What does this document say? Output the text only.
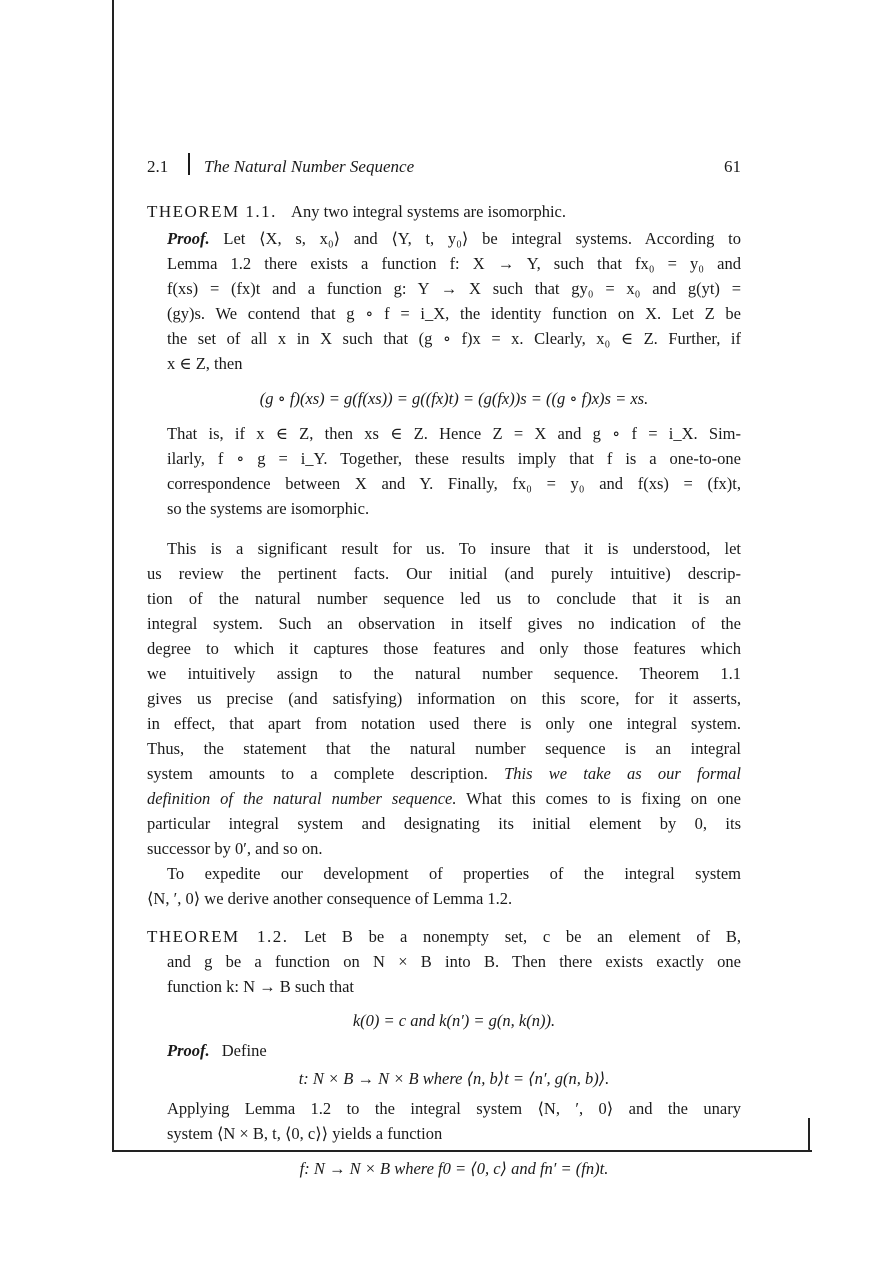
2.1 The Natural Number Sequence	61
THEOREM 1.1. Any two integral systems are isomorphic.
Proof. Let ⟨X, s, x₀⟩ and ⟨Y, t, y₀⟩ be integral systems. According to
Lemma 1.2 there exists a function f: X → Y, such that fx₀ = y₀ and
f(xs) = (fx)t and a function g: Y → X such that gy₀ = x₀ and g(yt) =
(gy)s. We contend that g ∘ f = i_X, the identity function on X. Let Z be
the set of all x in X such that (g ∘ f)x = x. Clearly, x₀ ∈ Z. Further, if
x ∈ Z, then
(g ∘ f)(xs) = g(f(xs)) = g((fx)t) = (g(fx))s = ((g ∘ f)x)s = xs.
That is, if x ∈ Z, then xs ∈ Z. Hence Z = X and g ∘ f = i_X. Sim-
ilarly, f ∘ g = i_Y. Together, these results imply that f is a one-to-one
correspondence between X and Y. Finally, fx₀ = y₀ and f(xs) = (fx)t,
so the systems are isomorphic.
This is a significant result for us. To insure that it is understood, let
us review the pertinent facts. Our initial (and purely intuitive) descrip-
tion of the natural number sequence led us to conclude that it is an
integral system. Such an observation in itself gives no indication of the
degree to which it captures those features and only those features which
we intuitively assign to the natural number sequence. Theorem 1.1
gives us precise (and satisfying) information on this score, for it asserts,
in effect, that apart from notation used there is only one integral system.
Thus, the statement that the natural number sequence is an integral
system amounts to a complete description. This we take as our formal
definition of the natural number sequence. What this comes to is fixing on one
particular integral system and designating its initial element by 0, its
successor by 0′, and so on.
To expedite our development of properties of the integral system
⟨N, ′, 0⟩ we derive another consequence of Lemma 1.2.
THEOREM 1.2. Let B be a nonempty set, c be an element of B,
and g be a function on N × B into B. Then there exists exactly one
function k: N → B such that
k(0) = c and k(n′) = g(n, k(n)).
Proof. Define
t: N × B → N × B where ⟨n, b⟩t = ⟨n′, g(n, b)⟩.
Applying Lemma 1.2 to the integral system ⟨N, ′, 0⟩ and the unary
system ⟨N × B, t, ⟨0, c⟩⟩ yields a function
f: N → N × B where f0 = ⟨0, c⟩ and fn′ = (fn)t.
